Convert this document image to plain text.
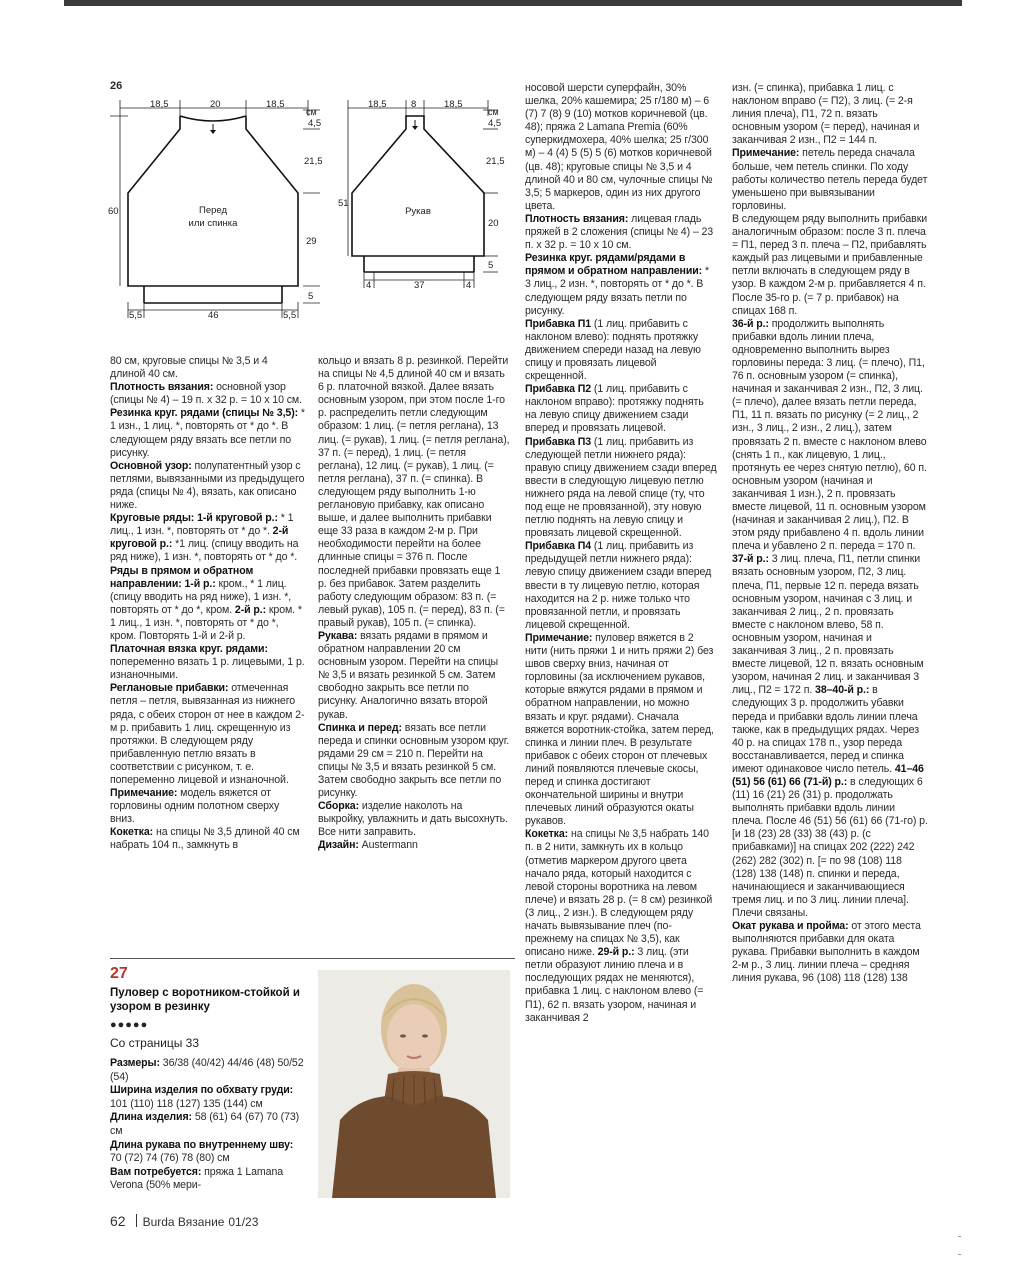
26
18,5	20	18,5
см
4,5
21,5
60
29
5
Перед
или спинка
5,5	46	5,5
18,5	8	18,5
см
4,5
21,5
51
20
5
Рукав
4	37	4

80 см, круговые спицы № 3,5 и 4 длиной 40 см.

Плотность вязания: основной узор (спицы № 4) – 19 п. х 32 р. = 10 х 10 см.

Резинка круг. рядами (спицы № 3,5): * 1 изн., 1 лиц. *, повторять от * до *. В следующем ряду вязать все петли по рисунку.

Основной узор: полупатентный узор с петлями, вывязанными из предыдущего ряда (спицы № 4), вязать, как описано ниже.

Круговые ряды: 1-й круговой р.: * 1 лиц., 1 изн. *, повторять от * до *. 2-й круговой р.: *1 лиц. (спицу вводить на ряд ниже), 1 изн. *, повторять от * до *.

Ряды в прямом и обратном направлении: 1-й р.: кром., * 1 лиц. (спицу вводить на ряд ниже), 1 изн. *, повторять от * до *, кром. 2-й р.: кром. * 1 лиц., 1 изн. *, повторять от * до *, кром. Повторять 1-й и 2-й р.

Платочная вязка круг. рядами: попеременно вязать 1 р. лицевыми, 1 р. изнаночными.

Реглановые прибавки: отмеченная петля – петля, вывязанная из нижнего ряда, с обеих сторон от нее в каждом 2-м р. прибавить 1 лиц. скрещенную из протяжки. В следующем ряду прибавленную петлю вязать в соответствии с рисунком, т. е. попеременно лицевой и изнаночной.

Примечание: модель вяжется от горловины одним полотном сверху вниз.

Кокетка: на спицы № 3,5 длиной 40 см набрать 104 п., замкнуть в

кольцо и вязать 8 р. резинкой. Перейти на спицы № 4,5 длиной 40 см и вязать 6 р. платочной вязкой. Далее вязать основным узором, при этом после 1-го р. распределить петли следующим образом: 1 лиц. (= петля реглана), 13 лиц. (= рукав), 1 лиц. (= петля реглана), 37 п. (= перед), 1 лиц. (= петля реглана), 12 лиц. (= рукав), 1 лиц. (= петля реглана), 37 п. (= спинка). В следующем ряду выполнить 1-ю реглановую прибавку, как описано выше, и далее выполнить прибавки еще 33 раза в каждом 2-м р. При необходимости перейти на более длинные спицы = 376 п. После последней прибавки провязать еще 1 р. без прибавок. Затем разделить работу следующим образом: 83 п. (= левый рукав), 105 п. (= перед), 83 п. (= правый рукав), 105 п. (= спинка).

Рукава: вязать рядами в прямом и обратном направлении 20 см основным узором. Перейти на спицы № 3,5 и вязать резинкой 5 см. Затем свободно закрыть все петли по рисунку. Аналогично вязать второй рукав.

Спинка и перед: вязать все петли переда и спинки основным узором круг. рядами 29 см = 210 п. Перейти на спицы № 3,5 и вязать резинкой 5 см. Затем свободно закрыть все петли по рисунку.

Сборка: изделие наколоть на выкройку, увлажнить и дать высохнуть. Все нити заправить.

Дизайн: Austermann

носовой шерсти суперфайн, 30% шелка, 20% кашемира; 25 г/180 м) – 6 (7) 7 (8) 9 (10) мотков коричневой (цв. 48); пряжа 2 Lamana Premia (60% суперкидмохера, 40% шелка; 25 г/300 м) – 4 (4) 5 (5) 5 (6) мотков коричневой (цв. 48); круговые спицы № 3,5 и 4 длиной 40 и 80 см, чулочные спицы № 3,5; 5 маркеров, один из них другого цвета.

Плотность вязания: лицевая гладь пряжей в 2 сложения (спицы № 4) – 23 п. х 32 р. = 10 х 10 см.

Резинка круг. рядами/рядами в прямом и обратном направлении: * 3 лиц., 2 изн. *, повторять от * до *. В следующем ряду вязать петли по рисунку.

Прибавка П1 (1 лиц. прибавить с наклоном влево): поднять протяжку движением спереди назад на левую спицу и провязать лицевой скрещенной.

Прибавка П2 (1 лиц. прибавить с наклоном вправо): протяжку поднять на левую спицу движением сзади вперед и провязать лицевой.

Прибавка П3 (1 лиц. прибавить из следующей петли нижнего ряда): правую спицу движением сзади вперед ввести в следующую лицевую петлю нижнего ряда на левой спице (ту, что под еще не провязанной), эту новую петлю поднять на левую спицу и провязать лицевой скрещенной.

Прибавка П4 (1 лиц. прибавить из предыдущей петли нижнего ряда): левую спицу движением сзади вперед ввести в ту лицевую петлю, которая находится на 2 р. ниже только что провязанной петли, и провязать лицевой скрещенной.

Примечание: пуловер вяжется в 2 нити (нить пряжи 1 и нить пряжи 2) без швов сверху вниз, начиная от горловины (за исключением рукавов, которые вяжутся рядами в прямом и обратном направлении, но можно вязать и круг. рядами). Сначала вяжется воротник-стойка, затем перед, спинка и линии плеч. В результате прибавок с обеих сторон от плечевых линий появляются плечевые скосы, перед и спинка достигают окончательной ширины и внутри плечевых линий образуются окаты рукавов.

Кокетка: на спицы № 3,5 набрать 140 п. в 2 нити, замкнуть их в кольцо (отметив маркером другого цвета начало ряда, который находится с левой стороны воротника на левом плече) и вязать 28 р. (= 8 см) резинкой (3 лиц., 2 изн.). В следующем ряду начать вывязывание плеч (по-прежнему на спицах № 3,5), как описано ниже. 29-й р.: 3 лиц. (эти петли образуют линию плеча и в последующих рядах не меняются), прибавка 1 лиц. с наклоном влево (= П1), 62 п. вязать узором, начиная и заканчивая 2

изн. (= спинка), прибавка 1 лиц. с наклоном вправо (= П2), 3 лиц. (= 2-я линия плеча), П1, 72 п. вязать основным узором (= перед), начиная и заканчивая 2 изн., П2 = 144 п.

Примечание: петель переда сначала больше, чем петель спинки. По ходу работы количество петель переда будет уменьшено при вывязывании горловины.

В следующем ряду выполнить прибавки аналогичным образом: после 3 п. плеча = П1, перед 3 п. плеча – П2, прибавлять каждый раз лицевыми и прибавленные петли включать в следующем ряду в узор. В каждом 2-м р. прибавляется 4 п. После 35-го р. (= 7 р. прибавок) на спицах 168 п.

36-й р.: продолжить выполнять прибавки вдоль линии плеча, одновременно выполнить вырез горловины переда: 3 лиц. (= плечо), П1, 76 п. основным узором (= спинка), начиная и заканчивая 2 изн., П2, 3 лиц. (= плечо), далее вязать петли переда, П1, 11 п. вязать по рисунку (= 2 лиц., 2 изн., 3 лиц., 2 изн., 2 лиц.), затем провязать 2 п. вместе с наклоном влево (снять 1 п., как лицевую, 1 лиц., протянуть ее через снятую петлю), 60 п. основным узором (начиная и заканчивая 1 изн.), 2 п. провязать вместе лицевой, 11 п. основным узором (начиная и заканчивая 2 лиц.), П2. В этом ряду прибавлено 4 п. вдоль линии плеча и убавлено 2 п. переда = 170 п. 37-й р.: 3 лиц. плеча, П1, петли спинки вязать основным узором, П2, 3 лиц. плеча, П1, первые 12 п. переда вязать основным узором, начиная с 3 лиц. и заканчивая 2 лиц., 2 п. провязать вместе с наклоном влево, 58 п. основным узором, начиная и заканчивая 3 лиц., 2 п. провязать вместе лицевой, 12 п. вязать основным узором, начиная 2 лиц. и заканчивая 3 лиц., П2 = 172 п. 38–40-й р.: в следующих 3 р. продолжить убавки переда и прибавки вдоль линии плеча также, как в предыдущих рядах. Через 40 р. на спицах 178 п., узор переда восстанавливается, перед и спинка имеют одинаковое число петель. 41–46 (51) 56 (61) 66 (71-й) р.: в следующих 6 (11) 16 (21) 26 (31) р. продолжать выполнять прибавки вдоль линии плеча. После 46 (51) 56 (61) 66 (71-го) р. [и 18 (23) 28 (33) 38 (43) р. (с прибавками)] на спицах 202 (222) 242 (262) 282 (302) п. [= по 98 (108) 118 (128) 138 (148) п. спинки и переда, начинающиеся и заканчивающиеся тремя лиц. и по 3 лиц. линии плеча]. Плечи связаны.

Окат рукава и пройма: от этого места выполняются прибавки для оката рукава. Прибавки выполнить в каждом 2-м р., 3 лиц. линии плеча – средняя линия рукава, 96 (108) 118 (128) 138

27
Пуловер с воротником-стойкой и узором в резинку
●●●●●
Со страницы 33

Размеры: 36/38 (40/42) 44/46 (48) 50/52 (54)

Ширина изделия по обхвату груди: 101 (110) 118 (127) 135 (144) см

Длина изделия: 58 (61) 64 (67) 70 (73) см

Длина рукава по внутреннему шву: 70 (72) 74 (76) 78 (80) см

Вам потребуется: пряжа 1 Lamana Verona (50% мери-

62 Burda Вязание 01/23
